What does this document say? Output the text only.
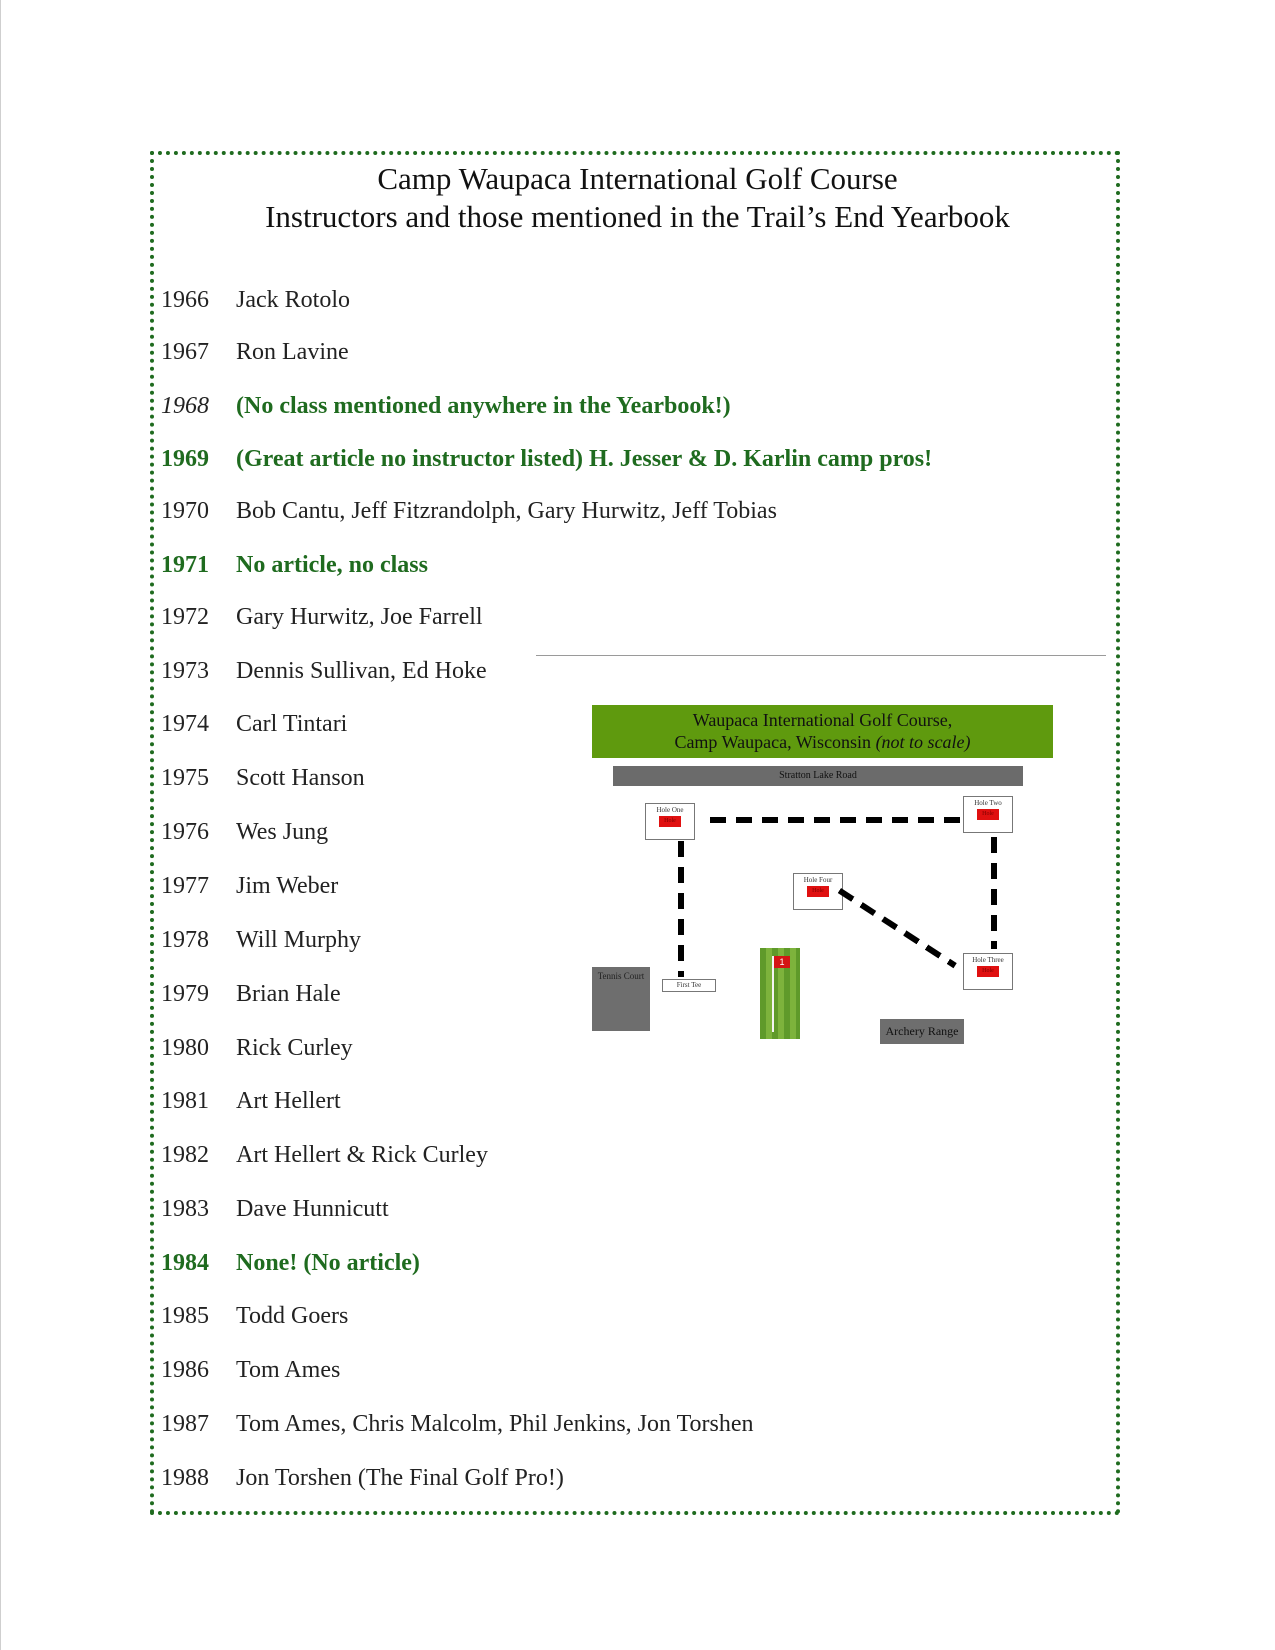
Camp Waupaca International Golf Course
Instructors and those mentioned in the Trail’s End Yearbook
1966	Jack Rotolo
1967	Ron Lavine
1968	(No class mentioned anywhere in the Yearbook!)
1969	(Great article no instructor listed) H. Jesser & D. Karlin camp pros!
1970	Bob Cantu, Jeff Fitzrandolph, Gary Hurwitz, Jeff Tobias
1971	No article, no class
1972	Gary Hurwitz, Joe Farrell
1973	Dennis Sullivan, Ed Hoke
1974	Carl Tintari
1975	Scott Hanson
1976	Wes Jung
1977	Jim Weber
1978	Will Murphy
1979	Brian Hale
1980	Rick Curley
1981	Art Hellert
1982	Art Hellert & Rick Curley
1983	Dave Hunnicutt
1984	None! (No article)
1985	Todd Goers
1986	Tom Ames
1987	Tom Ames, Chris Malcolm, Phil Jenkins, Jon Torshen
1988	Jon Torshen (The Final Golf Pro!)
Waupaca International Golf Course,
Camp Waupaca, Wisconsin (not to scale)
Stratton Lake Road
Hole One
Hole
Hole Two
Hole
Hole Four
Hole
Hole Three
Hole
First Tee
Tennis Court
1
Archery Range
